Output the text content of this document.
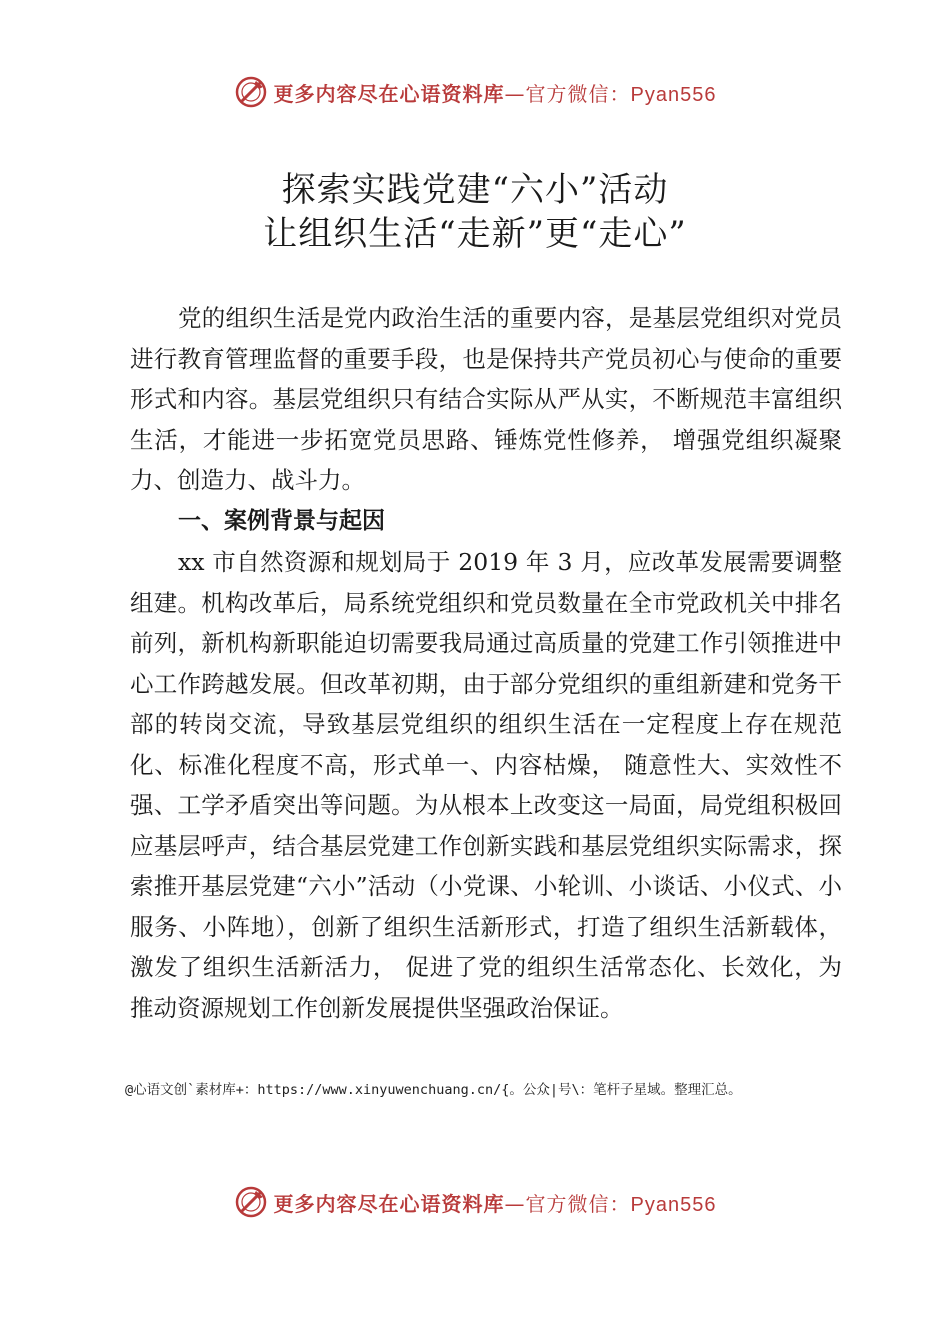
更多内容尽在心语资料库—官方微信：Pyan556
探索实践党建“六小”活动
让组织生活“走新”更“走心”
党的组织生活是党内政治生活的重要内容，是基层党组织对党员进行教育管理监督的重要手段，也是保持共产党员初心与使命的重要形式和内容。基层党组织只有结合实际从严从实，不断规范丰富组织生活，才能进一步拓宽党员思路、锤炼党性修养， 增强党组织凝聚力、创造力、战斗力。
一、案例背景与起因
xx 市自然资源和规划局于 2019 年 3 月，应改革发展需要调整组建。机构改革后，局系统党组织和党员数量在全市党政机关中排名前列，新机构新职能迫切需要我局通过高质量的党建工作引领推进中心工作跨越发展。但改革初期，由于部分党组织的重组新建和党务干部的转岗交流，导致基层党组织的组织生活在一定程度上存在规范化、标准化程度不高，形式单一、内容枯燥， 随意性大、实效性不强、工学矛盾突出等问题。为从根本上改变这一局面，局党组积极回应基层呼声，结合基层党建工作创新实践和基层党组织实际需求，探索推开基层党建“六小”活动（小党课、小轮训、小谈话、小仪式、小服务、小阵地），创新了组织生活新形式，打造了组织生活新载体，激发了组织生活新活力， 促进了党的组织生活常态化、长效化，为推动资源规划工作创新发展提供坚强政治保证。
@心语文创`素材库+：https://www.xinyuwenchuang.cn/{。公众|号\：笔杆子星域。整理汇总。
更多内容尽在心语资料库—官方微信：Pyan556
